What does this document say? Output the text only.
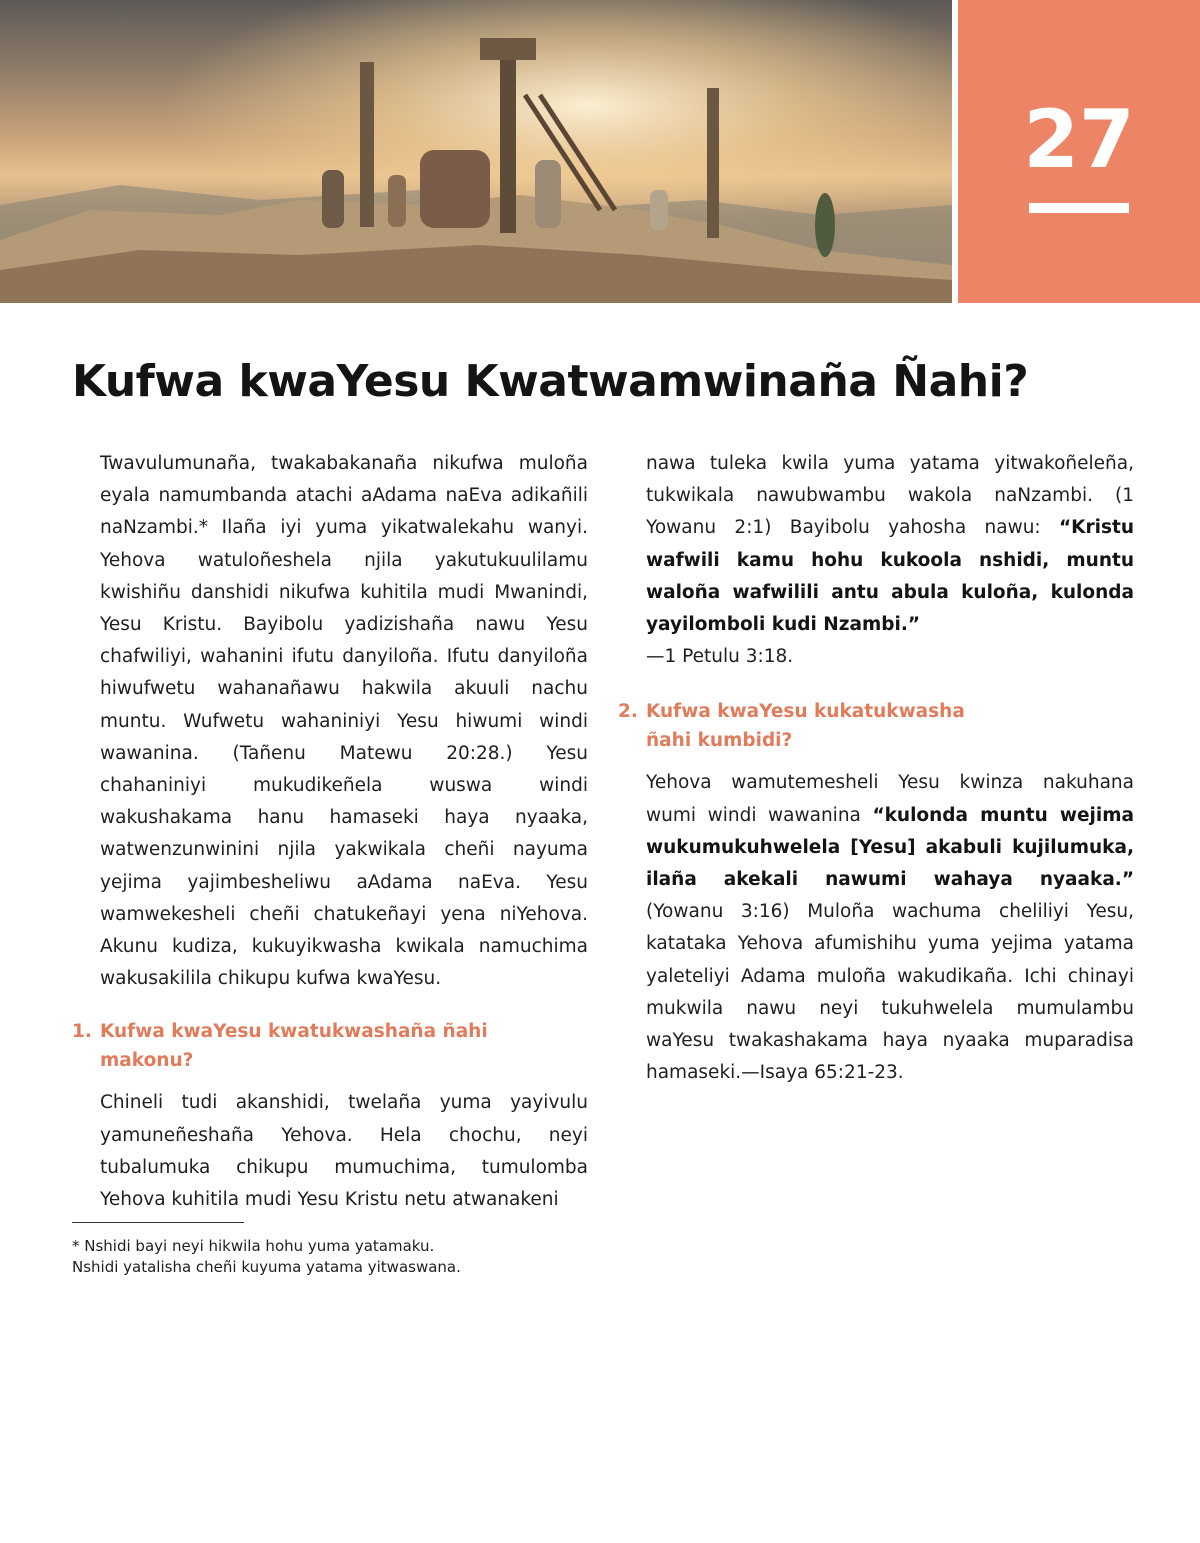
27
Kufwa kwaYesu Kwatwamwinaña Ñahi?

Twavulumunaña, twakabakanaña nikufwa muloña eyala namumbanda atachi aAdama naEva adikañili naNzambi.* Ilaña iyi yuma yikatwalekahu wanyi. Yehova watuloñeshela njila yakutukuulilamu kwishiñu danshidi nikufwa kuhitila mudi Mwanindi, Yesu Kristu. Bayibolu yadizishaña nawu Yesu chafwiliyi, wahanini ifutu danyiloña. Ifutu danyiloña hiwufwetu wahanañawu hakwila akuuli nachu muntu. Wufwetu wahaniniyi Yesu hiwumi windi wawanina. (Tañenu Matewu 20:28.) Yesu chahaniniyi mukudikeñela wuswa windi wakushakama hanu hamaseki haya nyaaka, watwenzunwinini njila yakwikala cheñi nayuma yejima yajimbesheliwu aAdama naEva. Yesu wamwekesheli cheñi chatukeñayi yena niYehova. Akunu kudiza, kukuyikwasha kwikala namuchima wakusakilila chikupu kufwa kwaYesu.

1. Kufwa kwaYesu kwatukwashaña ñahi makonu?

Chineli tudi akanshidi, twelaña yuma yayivulu yamuneñeshaña Yehova. Hela chochu, neyi tubalumuka chikupu mumuchima, tumulomba Yehova kuhitila mudi Yesu Kristu netu atwanakeni

nawa tuleka kwila yuma yatama yitwakoñeleña, tukwikala nawubwambu wakola naNzambi. (1 Yowanu 2:1) Bayibolu yahosha nawu: “Kristu wafwili kamu hohu kukoola nshidi, muntu waloña wafwilili antu abula kuloña, kulonda yayilomboli kudi Nzambi.”
—1 Petulu 3:18.

2. Kufwa kwaYesu kukatukwasha ñahi kumbidi?

Yehova wamutemesheli Yesu kwinza nakuhana wumi windi wawanina “kulonda muntu wejima wukumukuhwelela [Yesu] akabuli kujilumuka, ilaña akekali nawumi wahaya nyaaka.” (Yowanu 3:16) Muloña wachuma cheliliyi Yesu, katataka Yehova afumishihu yuma yejima yatama yaleteliyi Adama muloña wakudikaña. Ichi chinayi mukwila nawu neyi tukuhwelela mumulambu waYesu twakashakama haya nyaaka muparadisa hamaseki.—Isaya 65:21-23.

* Nshidi bayi neyi hikwila hohu yuma yatamaku.

Nshidi yatalisha cheñi kuyuma yatama yitwaswana.
